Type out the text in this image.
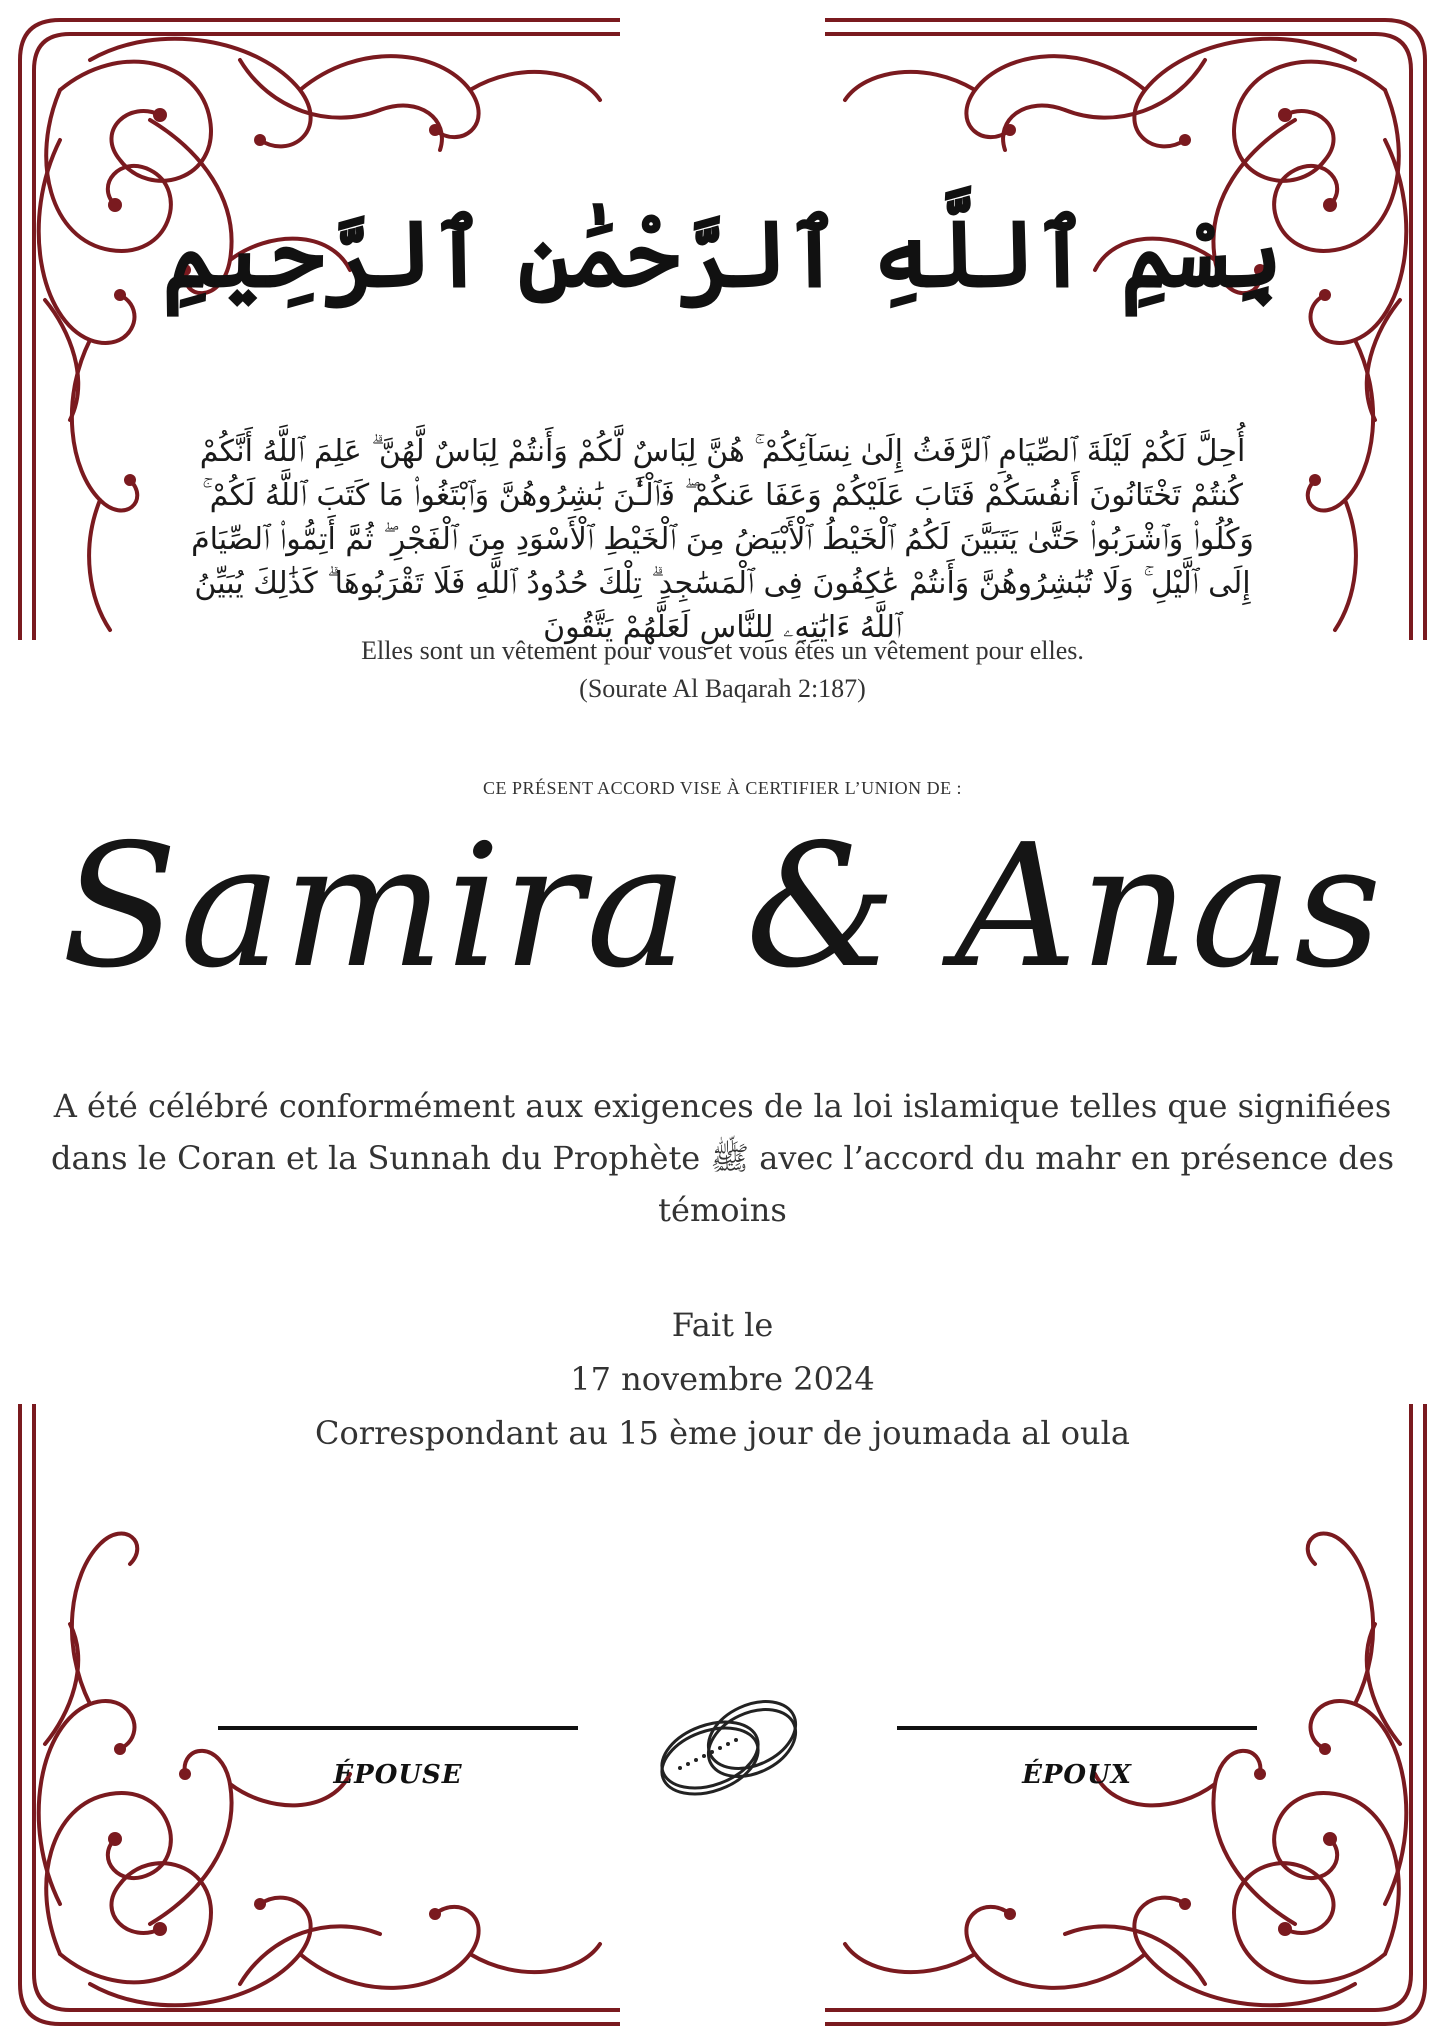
بِسْمِ ٱللَّهِ ٱلرَّحْمَٰنِ ٱلرَّحِيمِ
أُحِلَّ لَكُمْ لَيْلَةَ ٱلصِّيَامِ ٱلرَّفَثُ إِلَىٰ نِسَآئِكُمْ ۚ هُنَّ لِبَاسٌ لَّكُمْ وَأَنتُمْ لِبَاسٌ لَّهُنَّ ۗ عَلِمَ ٱللَّهُ أَنَّكُمْ كُنتُمْ تَخْتَانُونَ أَنفُسَكُمْ فَتَابَ عَلَيْكُمْ وَعَفَا عَنكُمْ ۖ فَٱلْـَٰٔنَ بَٰشِرُوهُنَّ وَٱبْتَغُوا۟ مَا كَتَبَ ٱللَّهُ لَكُمْ ۚ وَكُلُوا۟ وَٱشْرَبُوا۟ حَتَّىٰ يَتَبَيَّنَ لَكُمُ ٱلْخَيْطُ ٱلْأَبْيَضُ مِنَ ٱلْخَيْطِ ٱلْأَسْوَدِ مِنَ ٱلْفَجْرِ ۖ ثُمَّ أَتِمُّوا۟ ٱلصِّيَامَ إِلَى ٱلَّيْلِ ۚ وَلَا تُبَٰشِرُوهُنَّ وَأَنتُمْ عَٰكِفُونَ فِى ٱلْمَسَٰجِدِ ۗ تِلْكَ حُدُودُ ٱللَّهِ فَلَا تَقْرَبُوهَا ۗ كَذَٰلِكَ يُبَيِّنُ ٱللَّهُ ءَايَٰتِهِۦ لِلنَّاسِ لَعَلَّهُمْ يَتَّقُونَ
Elles sont un vêtement pour vous et vous êtes un vêtement pour elles.
(Sourate Al Baqarah 2:187)
CE PRÉSENT ACCORD VISE À CERTIFIER L’UNION DE :
Samira & Anas
A été célébré conformément aux exigences de la loi islamique telles que signifiées dans le Coran et la Sunnah du Prophète ﷺ avec l’accord du mahr en présence des témoins
Fait le
17 novembre 2024
Correspondant au 15 ème jour de joumada al oula
ÉPOUSE	ÉPOUX
